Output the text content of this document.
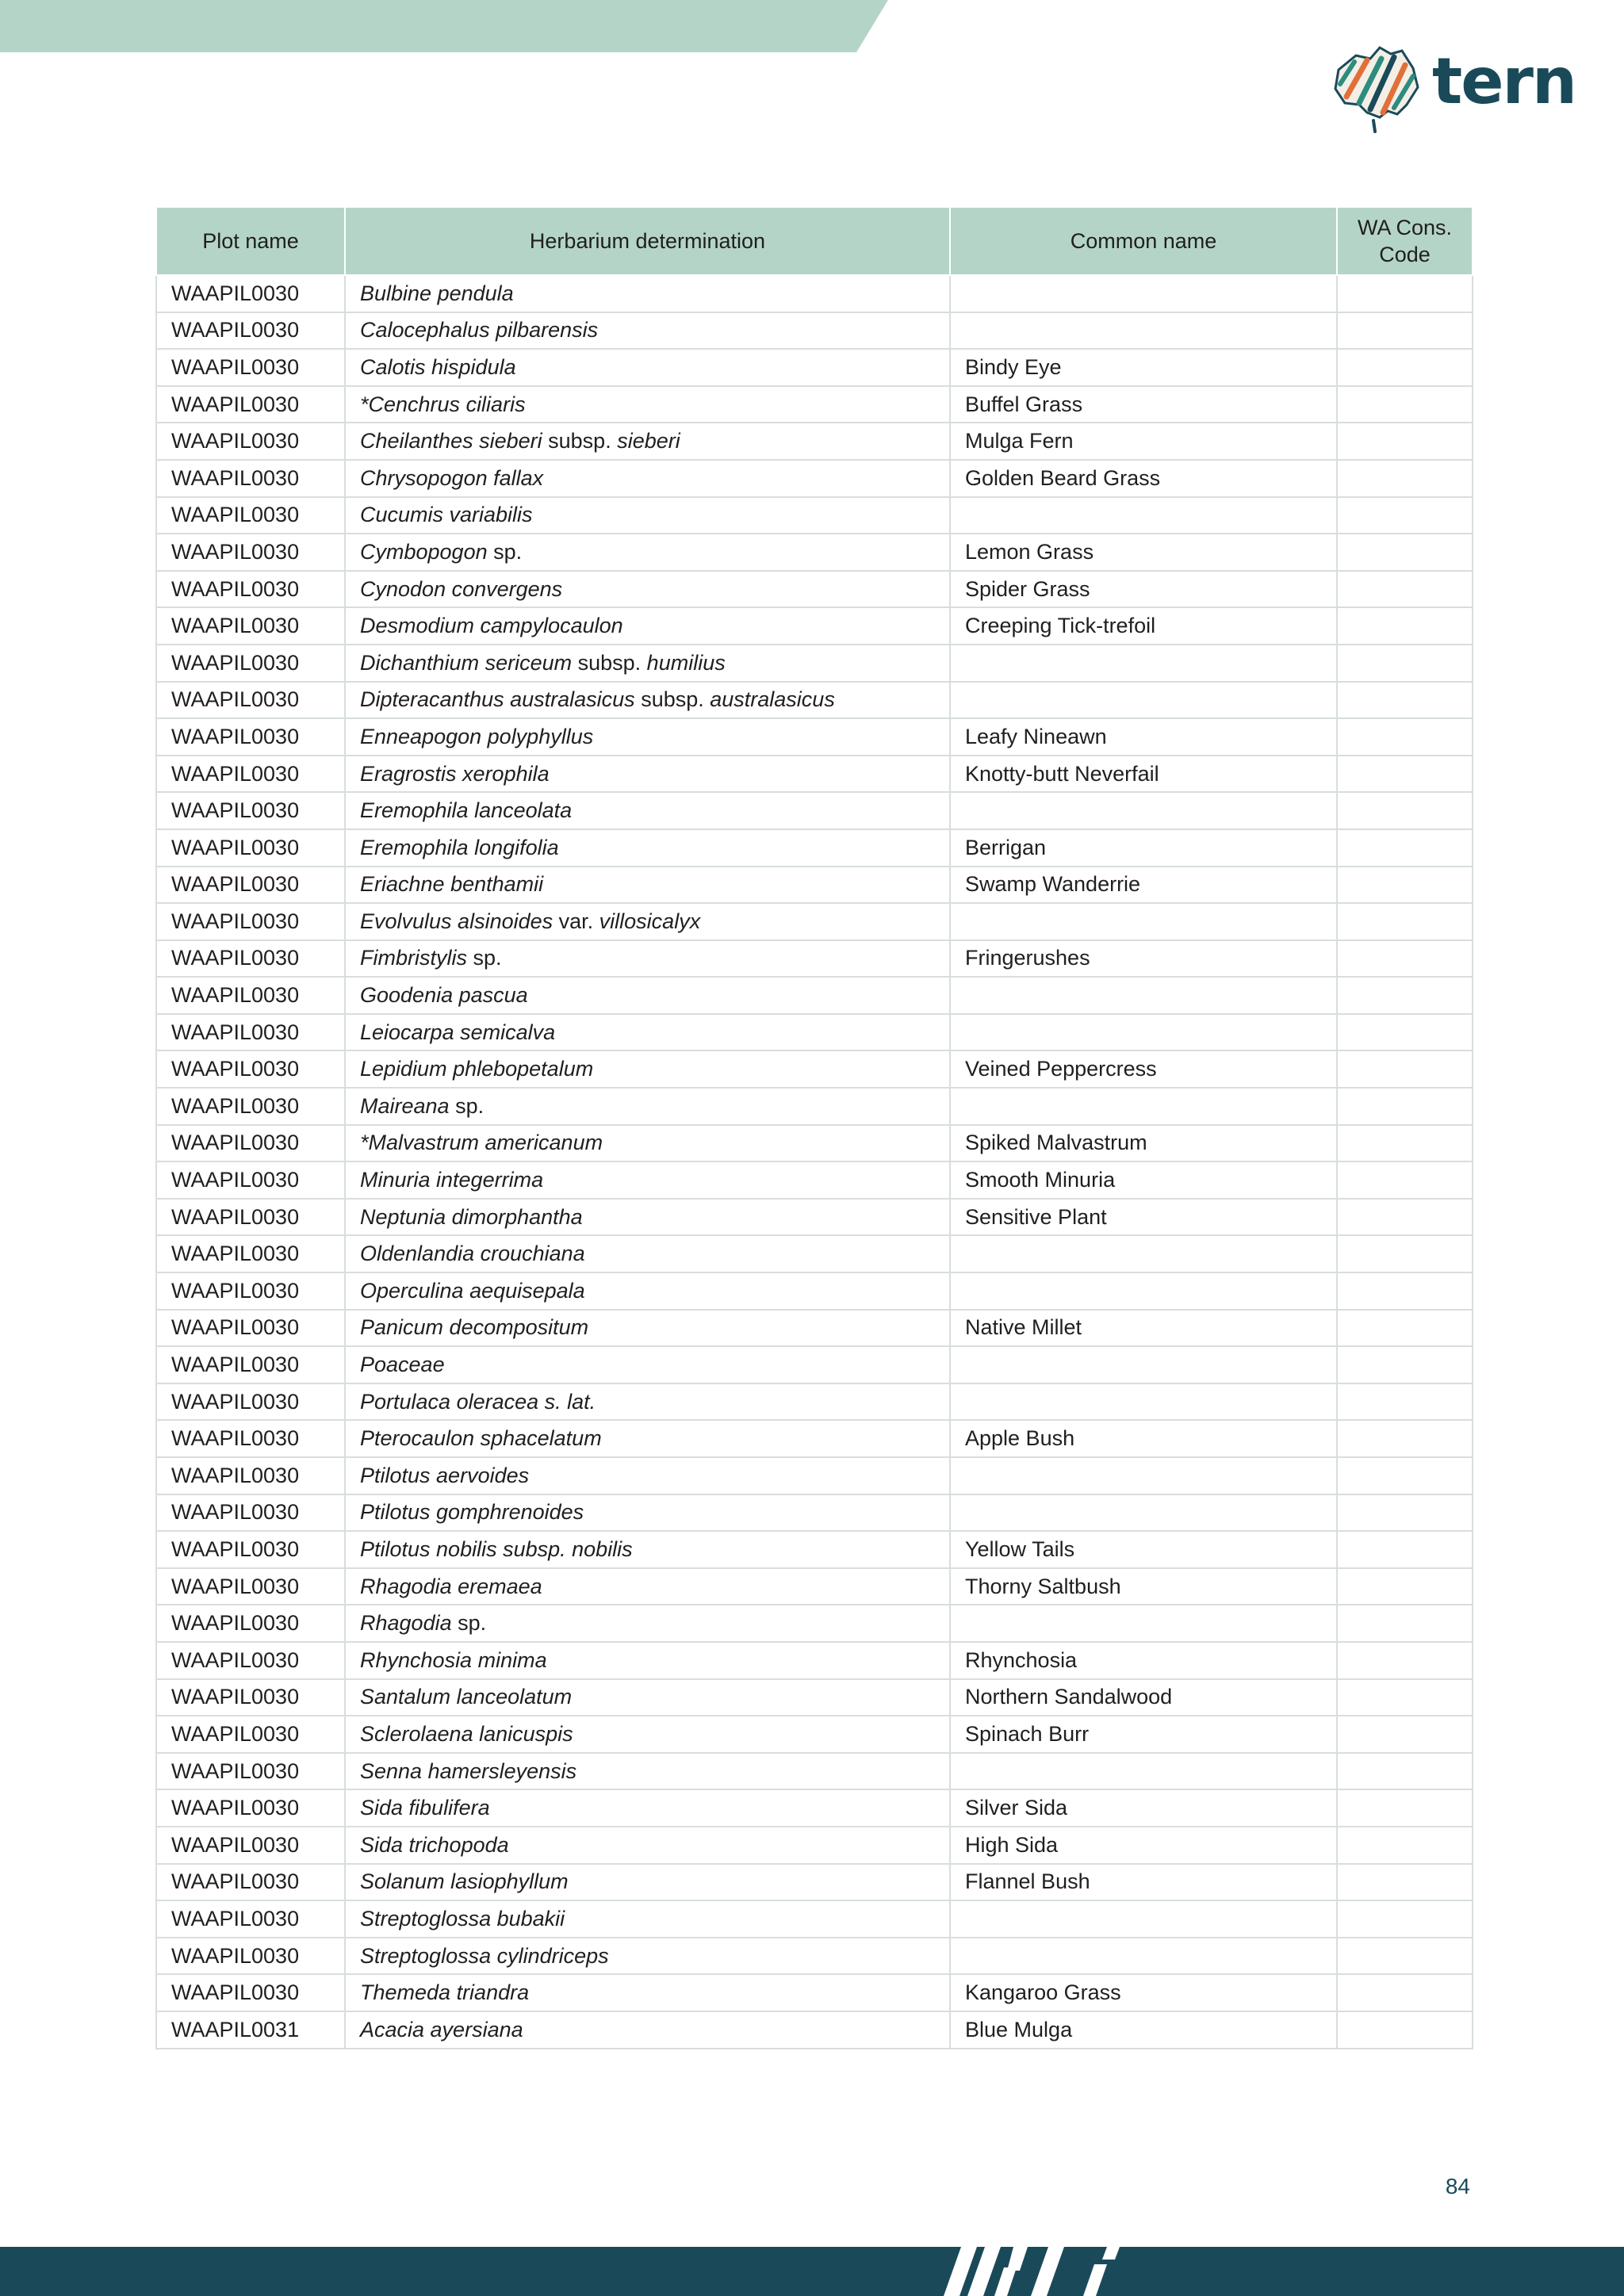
tern
Plot name	Herbarium determination	Common name	WA Cons. Code
WAAPIL0030	Bulbine pendula		
WAAPIL0030	Calocephalus pilbarensis		
WAAPIL0030	Calotis hispidula	Bindy Eye	
WAAPIL0030	*Cenchrus ciliaris	Buffel Grass	
WAAPIL0030	Cheilanthes sieberi subsp. sieberi	Mulga Fern	
WAAPIL0030	Chrysopogon fallax	Golden Beard Grass	
WAAPIL0030	Cucumis variabilis		
WAAPIL0030	Cymbopogon sp.	Lemon Grass	
WAAPIL0030	Cynodon convergens	Spider Grass	
WAAPIL0030	Desmodium campylocaulon	Creeping Tick-trefoil	
WAAPIL0030	Dichanthium sericeum subsp. humilius		
WAAPIL0030	Dipteracanthus australasicus subsp. australasicus		
WAAPIL0030	Enneapogon polyphyllus	Leafy Nineawn	
WAAPIL0030	Eragrostis xerophila	Knotty-butt Neverfail	
WAAPIL0030	Eremophila lanceolata		
WAAPIL0030	Eremophila longifolia	Berrigan	
WAAPIL0030	Eriachne benthamii	Swamp Wanderrie	
WAAPIL0030	Evolvulus alsinoides var. villosicalyx		
WAAPIL0030	Fimbristylis sp.	Fringerushes	
WAAPIL0030	Goodenia pascua		
WAAPIL0030	Leiocarpa semicalva		
WAAPIL0030	Lepidium phlebopetalum	Veined Peppercress	
WAAPIL0030	Maireana sp.		
WAAPIL0030	*Malvastrum americanum	Spiked Malvastrum	
WAAPIL0030	Minuria integerrima	Smooth Minuria	
WAAPIL0030	Neptunia dimorphantha	Sensitive Plant	
WAAPIL0030	Oldenlandia crouchiana		
WAAPIL0030	Operculina aequisepala		
WAAPIL0030	Panicum decompositum	Native Millet	
WAAPIL0030	Poaceae		
WAAPIL0030	Portulaca oleracea s. lat.		
WAAPIL0030	Pterocaulon sphacelatum	Apple Bush	
WAAPIL0030	Ptilotus aervoides		
WAAPIL0030	Ptilotus gomphrenoides		
WAAPIL0030	Ptilotus nobilis subsp. nobilis	Yellow Tails	
WAAPIL0030	Rhagodia eremaea	Thorny Saltbush	
WAAPIL0030	Rhagodia sp.		
WAAPIL0030	Rhynchosia minima	Rhynchosia	
WAAPIL0030	Santalum lanceolatum	Northern Sandalwood	
WAAPIL0030	Sclerolaena lanicuspis	Spinach Burr	
WAAPIL0030	Senna hamersleyensis		
WAAPIL0030	Sida fibulifera	Silver Sida	
WAAPIL0030	Sida trichopoda	High Sida	
WAAPIL0030	Solanum lasiophyllum	Flannel Bush	
WAAPIL0030	Streptoglossa bubakii		
WAAPIL0030	Streptoglossa cylindriceps		
WAAPIL0030	Themeda triandra	Kangaroo Grass	
WAAPIL0031	Acacia ayersiana	Blue Mulga	
84
